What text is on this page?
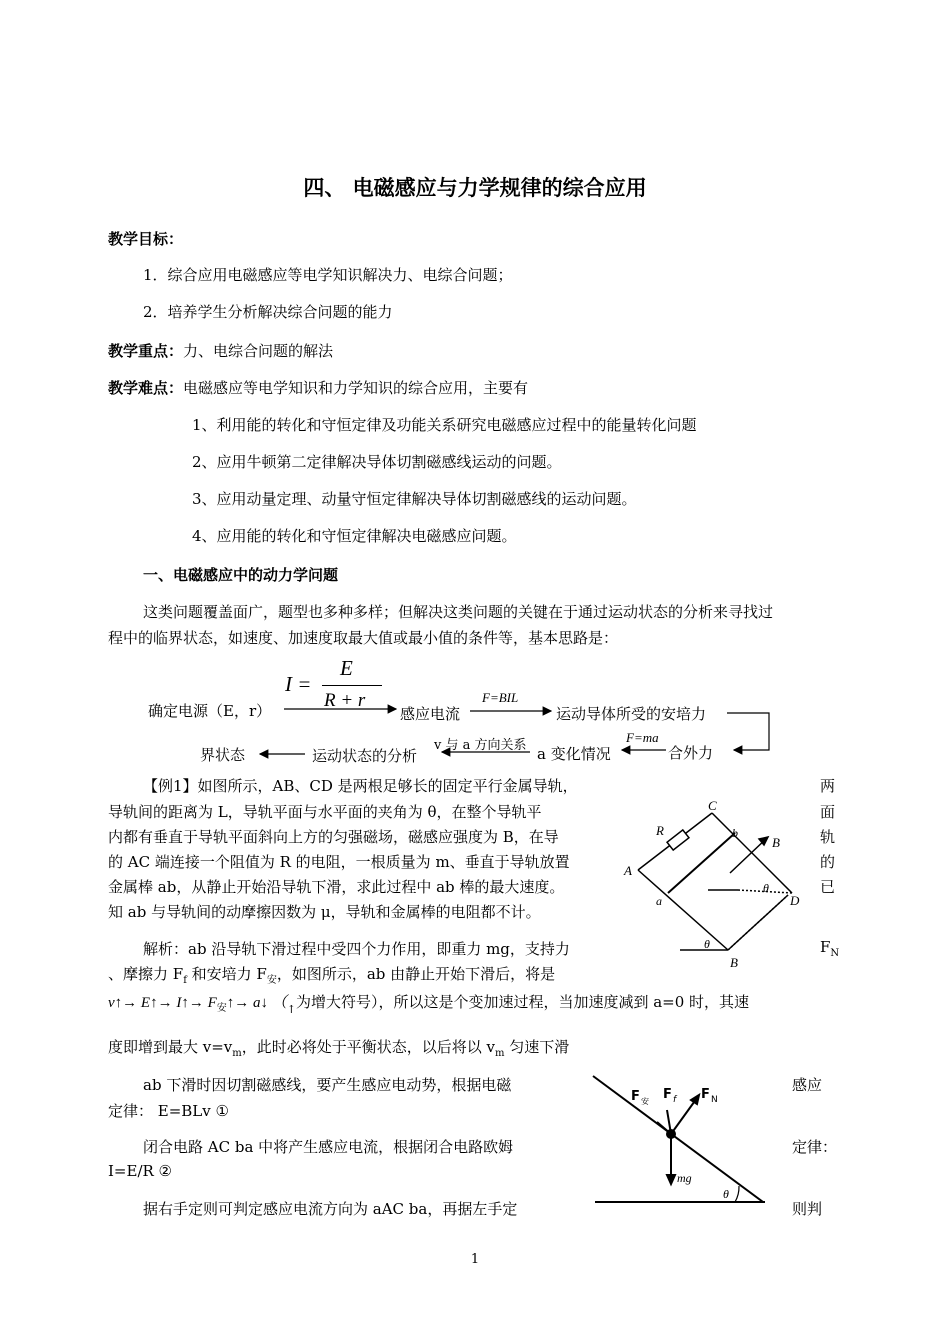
四、 电磁感应与力学规律的综合应用
教学目标：
1．综合应用电磁感应等电学知识解决力、电综合问题；
2．培养学生分析解决综合问题的能力
教学重点：力、电综合问题的解法
教学难点：电磁感应等电学知识和力学知识的综合应用，主要有
1、利用能的转化和守恒定律及功能关系研究电磁感应过程中的能量转化问题
2、应用牛顿第二定律解决导体切割磁感线运动的问题。
3、应用动量定理、动量守恒定律解决导体切割磁感线的运动问题。
4、应用能的转化和守恒定律解决电磁感应问题。
一、电磁感应中的动力学问题
这类问题覆盖面广，题型也多种多样；但解决这类问题的关键在于通过运动状态的分析来寻找过
程中的临界状态，如速度、加速度取最大值或最小值的条件等，基本思路是：
I =
E
R + r
确定电源（E，r）	感应电流
F=BIL
运动导体所受的安培力
合外力
F=ma
a 变化情况
v 与 a 方向关系
运动状态的分析
界状态
【例1】如图所示，AB、CD 是两根足够长的固定平行金属导轨，	两
导轨间的距离为 L，导轨平面与水平面的夹角为 θ，在整个导轨平	面
内都有垂直于导轨平面斜向上方的匀强磁场，磁感应强度为 B，在导	轨
的 AC 端连接一个阻值为 R 的电阻，一根质量为 m、垂直于导轨放置	的
金属棒 ab，从静止开始沿导轨下滑，求此过程中 ab 棒的最大速度。	已
知 ab 与导轨间的动摩擦因数为 μ，导轨和金属棒的电阻都不计。
C
R	b
B
A
a
θ
D
θ
B
解析：ab 沿导轨下滑过程中受四个力作用，即重力 mg，支持力	$F_N$
、摩擦力 $F_f$ 和安培力 $F_安$，如图所示，ab 由静止开始下滑后，将是
v↑→ E↑→ I↑→ $F_安↑\to$ a↓ （$_↑$为增大符号），所以这是个变加速过程，当加速度减到 a=0 时，其速
度即增到最大 $v=v_m$，此时必将处于平衡状态，以后将以 $v_m$ 匀速下滑
ab 下滑时因切割磁感线，要产生感应电动势，根据电磁	感应
定律： E=BLv ①
闭合电路 AC ba 中将产生感应电流，根据闭合电路欧姆	定律：
I=E/R ②
据右手定则可判定感应电流方向为 aAC ba，再据左手定	则判
F 安 F f F N
mg
θ
1
